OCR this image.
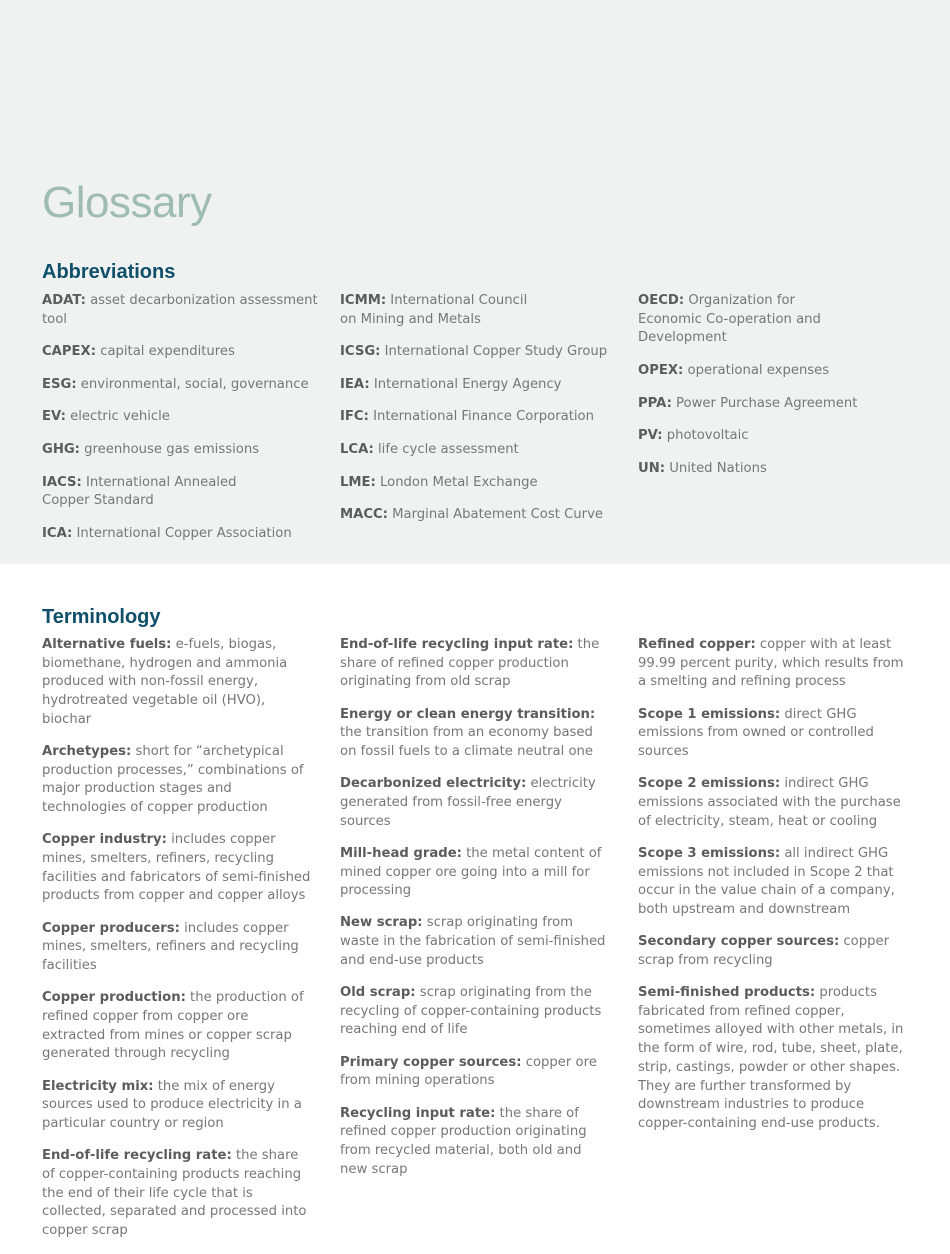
Glossary
Abbreviations

ADAT: asset decarbonization assessment tool

CAPEX: capital expenditures

ESG: environmental, social, governance

EV: electric vehicle

GHG: greenhouse gas emissions

IACS: International Annealed Copper Standard

ICA: International Copper Association

ICMM: International Council on Mining and Metals

ICSG: International Copper Study Group

IEA: International Energy Agency

IFC: International Finance Corporation

LCA: life cycle assessment

LME: London Metal Exchange

MACC: Marginal Abatement Cost Curve

OECD: Organization for Economic Co-operation and Development

OPEX: operational expenses

PPA: Power Purchase Agreement

PV: photovoltaic

UN: United Nations

Terminology

Alternative fuels: e-fuels, biogas, biomethane, hydrogen and ammonia produced with non-fossil energy, hydrotreated vegetable oil (HVO), biochar

Archetypes: short for “archetypical production processes,” combinations of major production stages and technologies of copper production

Copper industry: includes copper mines, smelters, refiners, recycling facilities and fabricators of semi-finished products from copper and copper alloys

Copper producers: includes copper mines, smelters, refiners and recycling facilities

Copper production: the production of refined copper from copper ore extracted from mines or copper scrap generated through recycling

Electricity mix: the mix of energy sources used to produce electricity in a particular country or region

End-of-life recycling rate: the share of copper-containing products reaching the end of their life cycle that is collected, separated and processed into copper scrap

End-of-life recycling input rate: the share of refined copper production originating from old scrap

Energy or clean energy transition: the transition from an economy based on fossil fuels to a climate neutral one

Decarbonized electricity: electricity generated from fossil-free energy sources

Mill-head grade: the metal content of mined copper ore going into a mill for processing

New scrap: scrap originating from waste in the fabrication of semi-finished and end-use products

Old scrap: scrap originating from the recycling of copper-containing products reaching end of life

Primary copper sources: copper ore from mining operations

Recycling input rate: the share of refined copper production originating from recycled material, both old and new scrap

Refined copper: copper with at least 99.99 percent purity, which results from a smelting and refining process

Scope 1 emissions: direct GHG emissions from owned or controlled sources

Scope 2 emissions: indirect GHG emissions associated with the purchase of electricity, steam, heat or cooling

Scope 3 emissions: all indirect GHG emissions not included in Scope 2 that occur in the value chain of a company, both upstream and downstream

Secondary copper sources: copper scrap from recycling

Semi-finished products: products fabricated from refined copper, sometimes alloyed with other metals, in the form of wire, rod, tube, sheet, plate, strip, castings, powder or other shapes. They are further transformed by downstream industries to produce copper-containing end-use products.
